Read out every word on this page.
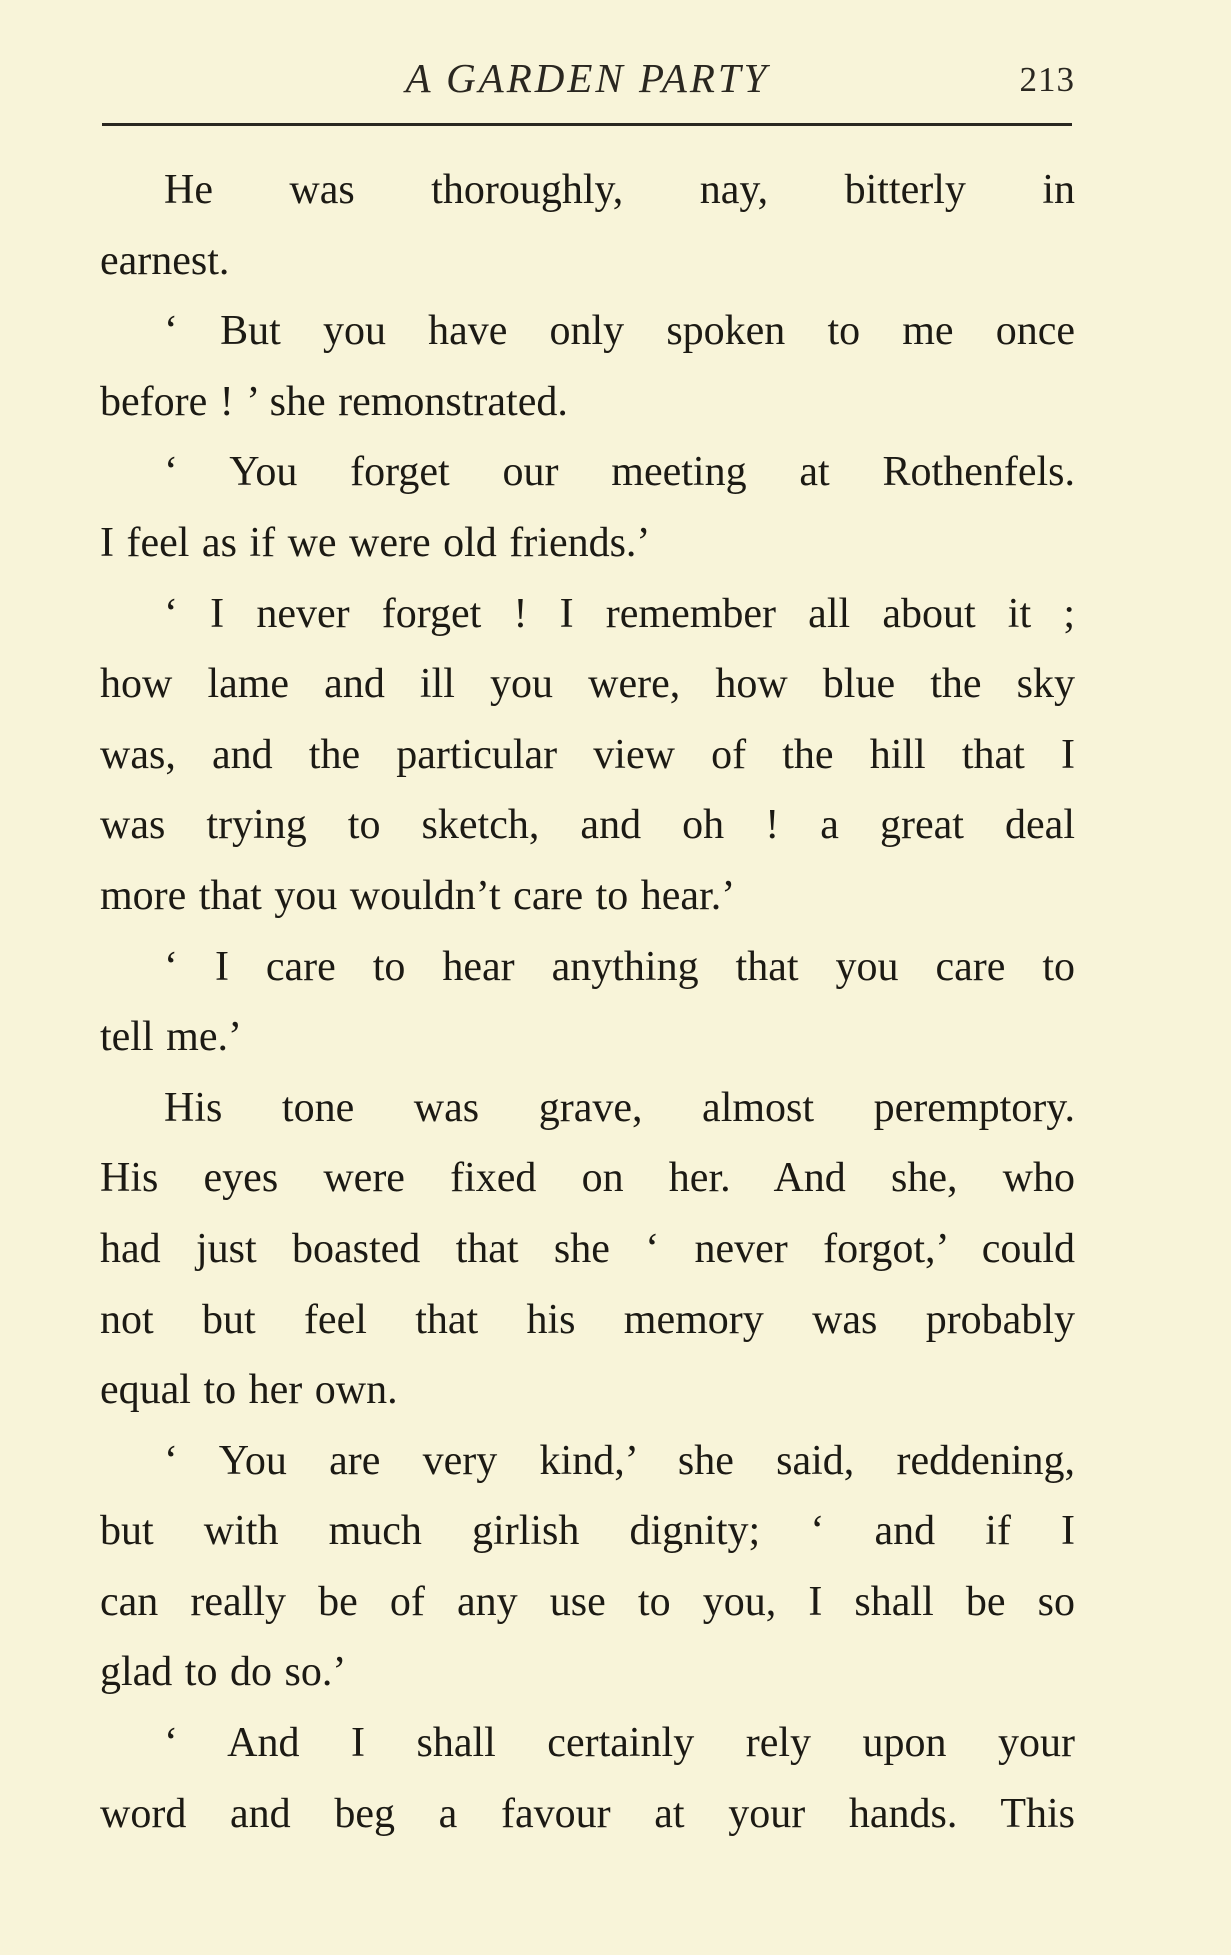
A GARDEN PARTY	213
He was thoroughly, nay, bitterly in
earnest.
‘ But you have only spoken to me once
before ! ’ she remonstrated.
‘ You forget our meeting at Rothenfels.
I feel as if we were old friends.’
‘ I never forget ! I remember all about it ;
how lame and ill you were, how blue the sky
was, and the particular view of the hill that I
was trying to sketch, and oh ! a great deal
more that you wouldn’t care to hear.’
‘ I care to hear anything that you care to
tell me.’
His tone was grave, almost peremptory.
His eyes were fixed on her. And she, who
had just boasted that she ‘ never forgot,’ could
not but feel that his memory was probably
equal to her own.
‘ You are very kind,’ she said, reddening,
but with much girlish dignity; ‘ and if I
can really be of any use to you, I shall be so
glad to do so.’
‘ And I shall certainly rely upon your
word and beg a favour at your hands. This
